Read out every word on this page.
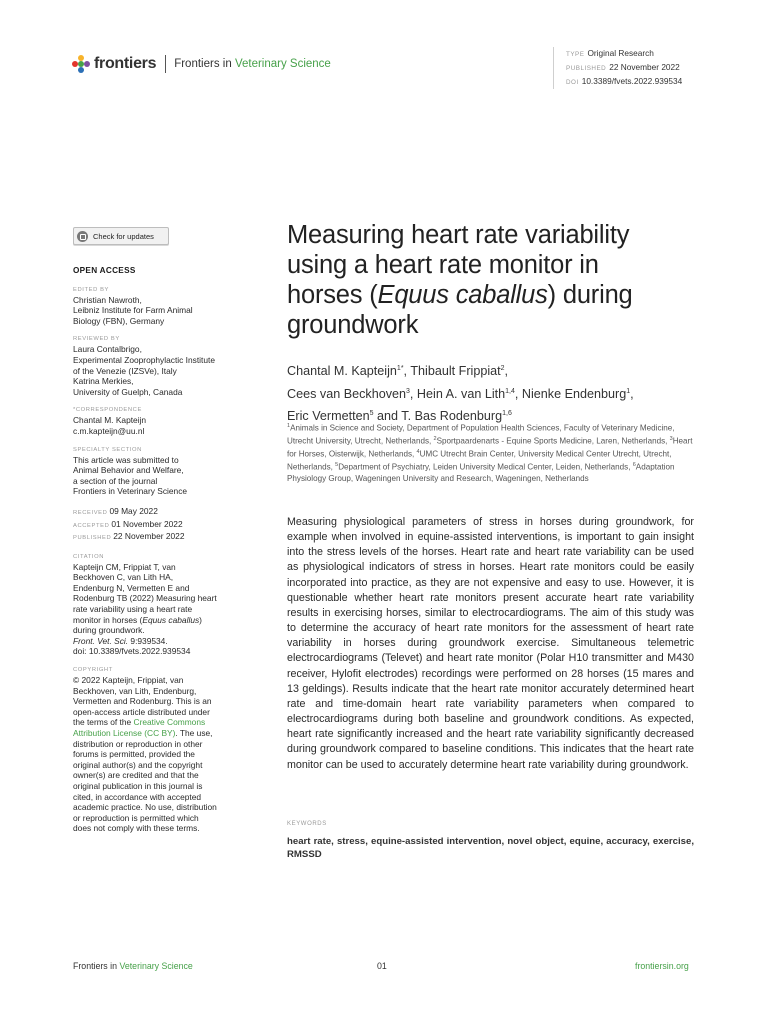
frontiers Frontiers in Veterinary Science
TYPE Original Research
PUBLISHED 22 November 2022
DOI 10.3389/fvets.2022.939534
Check for updates
OPEN ACCESS
EDITED BY
Christian Nawroth,
Leibniz Institute for Farm Animal
Biology (FBN), Germany
REVIEWED BY
Laura Contalbrigo,
Experimental Zooprophylactic Institute
of the Venezie (IZSVe), Italy
Katrina Merkies,
University of Guelph, Canada
*CORRESPONDENCE
Chantal M. Kapteijn
c.m.kapteijn@uu.nl
SPECIALTY SECTION
This article was submitted to
Animal Behavior and Welfare,
a section of the journal
Frontiers in Veterinary Science
RECEIVED 09 May 2022
ACCEPTED 01 November 2022
PUBLISHED 22 November 2022
CITATION
Kapteijn CM, Frippiat T, van
Beckhoven C, van Lith HA,
Endenburg N, Vermetten E and
Rodenburg TB (2022) Measuring heart
rate variability using a heart rate
monitor in horses (Equus caballus)
during groundwork.
Front. Vet. Sci. 9:939534.
doi: 10.3389/fvets.2022.939534
COPYRIGHT
© 2022 Kapteijn, Frippiat, van
Beckhoven, van Lith, Endenburg,
Vermetten and Rodenburg. This is an
open-access article distributed under
the terms of the Creative Commons
Attribution License (CC BY). The use,
distribution or reproduction in other
forums is permitted, provided the
original author(s) and the copyright
owner(s) are credited and that the
original publication in this journal is
cited, in accordance with accepted
academic practice. No use, distribution
or reproduction is permitted which
does not comply with these terms.
Measuring heart rate variability
using a heart rate monitor in
horses (Equus caballus) during
groundwork
Chantal M. Kapteijn$^{1*}$, Thibault Frippiat$^2$,
Cees van Beckhoven$^3$, Hein A. van Lith$^{1,4}$, Nienke Endenburg$^1$,
Eric Vermetten$^5$ and T. Bas Rodenburg$^{1,6}$
$^1$Animals in Science and Society, Department of Population Health Sciences, Faculty of Veterinary Medicine, Utrecht University, Utrecht, Netherlands, $^2$Sportpaardenarts - Equine Sports Medicine, Laren, Netherlands, $^3$Heart for Horses, Oisterwijk, Netherlands, $^4$UMC Utrecht Brain Center, University Medical Center Utrecht, Utrecht, Netherlands, $^5$Department of Psychiatry, Leiden University Medical Center, Leiden, Netherlands, $^6$Adaptation Physiology Group, Wageningen University and Research, Wageningen, Netherlands
Measuring physiological parameters of stress in horses during groundwork, for example when involved in equine-assisted interventions, is important to gain insight into the stress levels of the horses. Heart rate and heart rate variability can be used as physiological indicators of stress in horses. Heart rate monitors could be easily incorporated into practice, as they are not expensive and easy to use. However, it is questionable whether heart rate monitors present accurate heart rate variability results in exercising horses, similar to electrocardiograms. The aim of this study was to determine the accuracy of heart rate monitors for the assessment of heart rate variability in horses during groundwork exercise. Simultaneous telemetric electrocardiograms (Televet) and heart rate monitor (Polar H10 transmitter and M430 receiver, Hylofit electrodes) recordings were performed on 28 horses (15 mares and 13 geldings). Results indicate that the heart rate monitor accurately determined heart rate and time-domain heart rate variability parameters when compared to electrocardiograms during both baseline and groundwork conditions. As expected, heart rate significantly increased and the heart rate variability significantly decreased during groundwork compared to baseline conditions. This indicates that the heart rate monitor can be used to accurately determine heart rate variability during groundwork.
KEYWORDS
heart rate, stress, equine-assisted intervention, novel object, equine, accuracy, exercise, RMSSD
Frontiers in Veterinary Science	01	frontiersin.org
